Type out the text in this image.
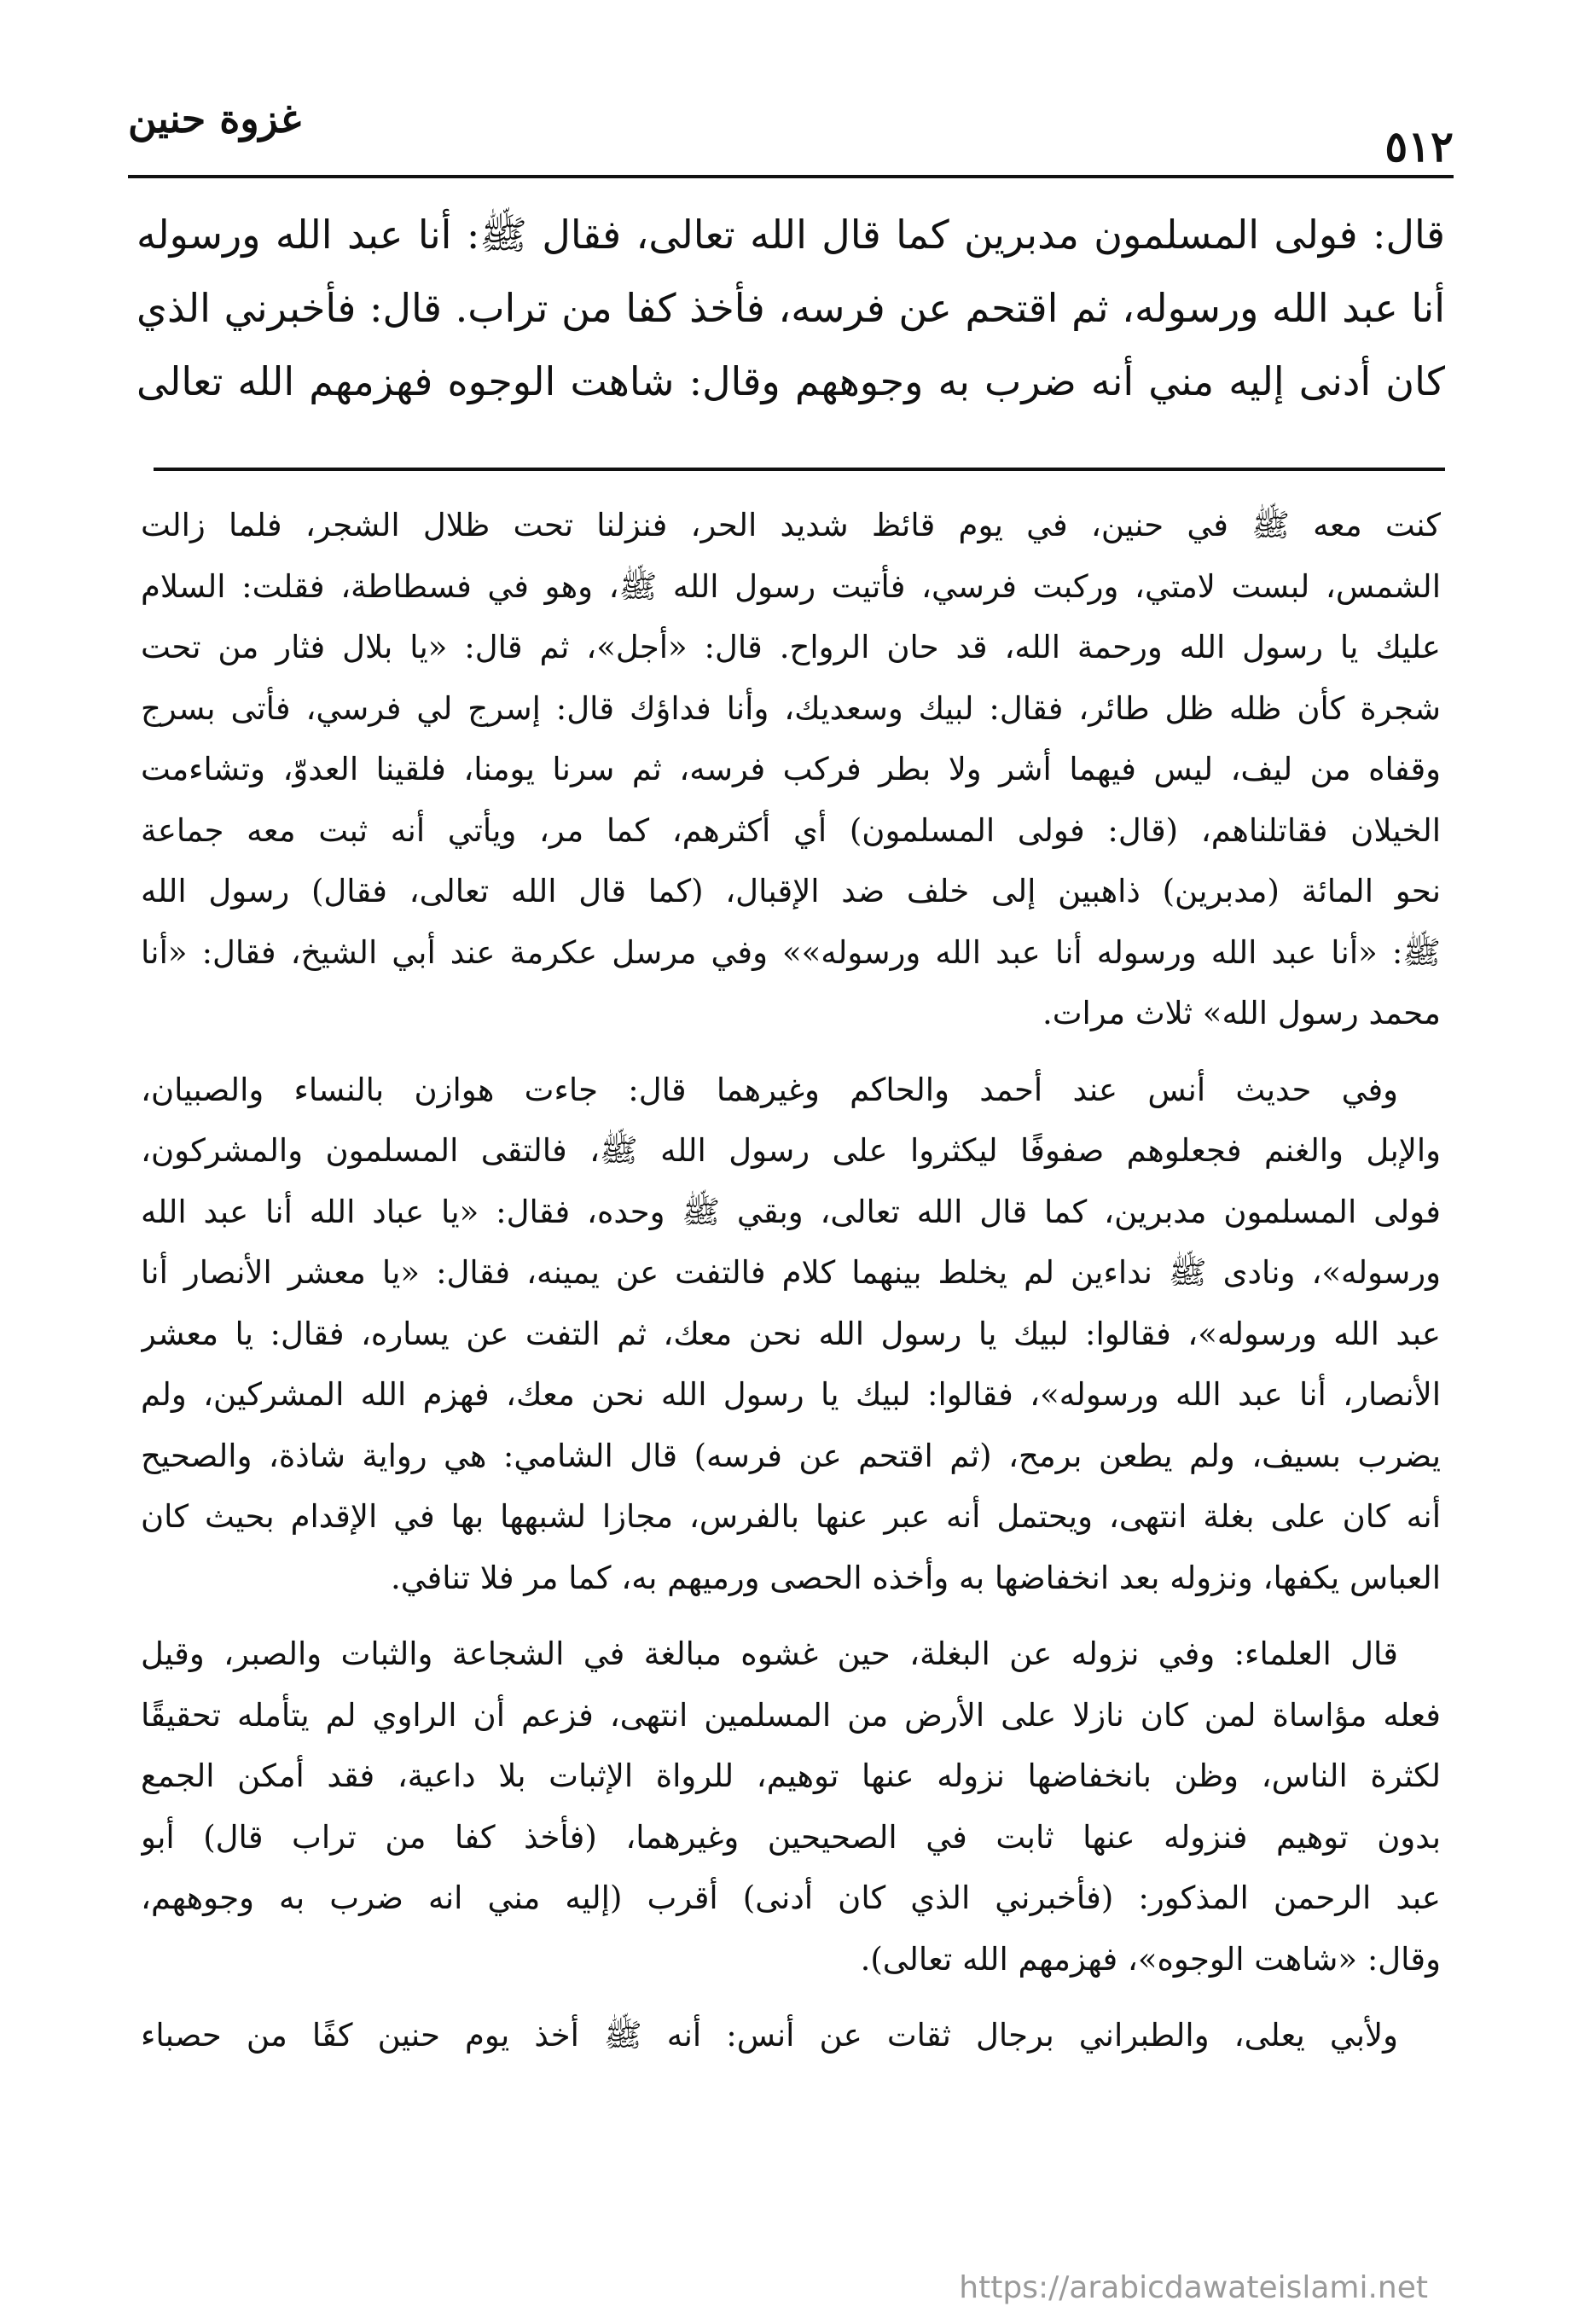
غزوة حنين
٥١٢
قال: فولى المسلمون مدبرين كما قال الله تعالى، فقال ﷺ: أنا عبد الله ورسوله
أنا عبد الله ورسوله، ثم اقتحم عن فرسه، فأخذ كفا من تراب. قال: فأخبرني الذي
كان أدنى إليه مني أنه ضرب به وجوههم وقال: شاهت الوجوه فهزمهم الله تعالى
كنت معه ﷺ في حنين، في يوم قائظ شديد الحر، فنزلنا تحت ظلال الشجر، فلما زالت
الشمس، لبست لامتي، وركبت فرسي، فأتيت رسول الله ﷺ، وهو في فسطاطة، فقلت: السلام
عليك يا رسول الله ورحمة الله، قد حان الرواح. قال: «أجل»، ثم قال: «يا بلال فثار من تحت
شجرة كأن ظله ظل طائر، فقال: لبيك وسعديك، وأنا فداؤك قال: إسرج لي فرسي، فأتى بسرج
وقفاه من ليف، ليس فيهما أشر ولا بطر فركب فرسه، ثم سرنا يومنا، فلقينا العدوّ، وتشاءمت
الخيلان فقاتلناهم، (قال: فولى المسلمون) أي أكثرهم، كما مر، ويأتي أنه ثبت معه جماعة
نحو المائة (مدبرين) ذاهبين إلى خلف ضد الإقبال، (كما قال الله تعالى، فقال) رسول الله
ﷺ: «أنا عبد الله ورسوله أنا عبد الله ورسوله»» وفي مرسل عكرمة عند أبي الشيخ، فقال: «أنا
محمد رسول الله» ثلاث مرات.
وفي حديث أنس عند أحمد والحاكم وغيرهما قال: جاءت هوازن بالنساء والصبيان،
والإبل والغنم فجعلوهم صفوفًا ليكثروا على رسول الله ﷺ، فالتقى المسلمون والمشركون،
فولى المسلمون مدبرين، كما قال الله تعالى، وبقي ﷺ وحده، فقال: «يا عباد الله أنا عبد الله
ورسوله»، ونادى ﷺ نداءين لم يخلط بينهما كلام فالتفت عن يمينه، فقال: «يا معشر الأنصار أنا
عبد الله ورسوله»، فقالوا: لبيك يا رسول الله نحن معك، ثم التفت عن يساره، فقال: يا معشر
الأنصار، أنا عبد الله ورسوله»، فقالوا: لبيك يا رسول الله نحن معك، فهزم الله المشركين، ولم
يضرب بسيف، ولم يطعن برمح، (ثم اقتحم عن فرسه) قال الشامي: هي رواية شاذة، والصحيح
أنه كان على بغلة انتهى، ويحتمل أنه عبر عنها بالفرس، مجازا لشبهها بها في الإقدام بحيث كان
العباس يكفها، ونزوله بعد انخفاضها به وأخذه الحصى ورميهم به، كما مر فلا تنافي.
قال العلماء: وفي نزوله عن البغلة، حين غشوه مبالغة في الشجاعة والثبات والصبر، وقيل
فعله مؤاساة لمن كان نازلا على الأرض من المسلمين انتهى، فزعم أن الراوي لم يتأمله تحقيقًا
لكثرة الناس، وظن بانخفاضها نزوله عنها توهيم، للرواة الإثبات بلا داعية، فقد أمكن الجمع
بدون توهيم فنزوله عنها ثابت في الصحيحين وغيرهما، (فأخذ كفا من تراب قال) أبو
عبد الرحمن المذكور: (فأخبرني الذي كان أدنى) أقرب (إليه مني انه ضرب به وجوههم،
وقال: «شاهت الوجوه»، فهزمهم الله تعالى).
ولأبي يعلى، والطبراني برجال ثقات عن أنس: أنه ﷺ أخذ يوم حنين كفًا من حصباء
https://arabicdawateislami.net
